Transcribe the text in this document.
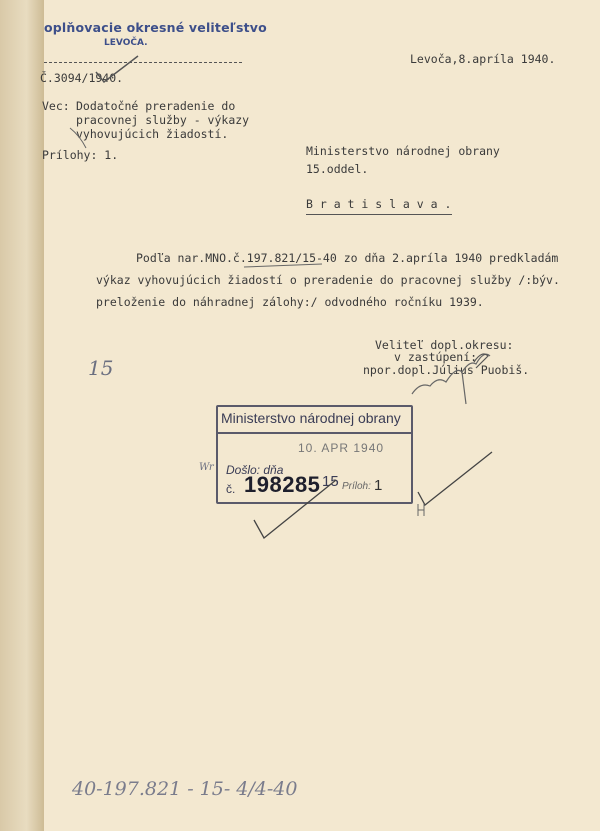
oplňovacie okresné veliteľstvo
LEVOČA.
Č.3094/1940.
Levoča,8.apríla 1940.
Vec: Dodatočné preradenie do
pracovnej služby - výkazy
vyhovujúcich žiadostí.
Prílohy: 1.	Ministerstvo národnej obrany
15.oddel.
B r a t i s l a v a .
Podľa nar.MNO.č.197.821/15-40 zo dňa 2.apríla 1940 predkladám
výkaz vyhovujúcich žiadostí o preradenie do pracovnej služby /:býv.
preloženie do náhradnej zálohy:/ odvodného ročníku 1939.
Veliteľ dopl.okresu:
v zastúpení:
npor.dopl.Július Puobiš.
15
Ministerstvo národnej obrany
10. APR 1940
Došlo: dňa
č. 198285 15 Príloh: 1
Wr
40-197.821 - 15- 4/4-40
